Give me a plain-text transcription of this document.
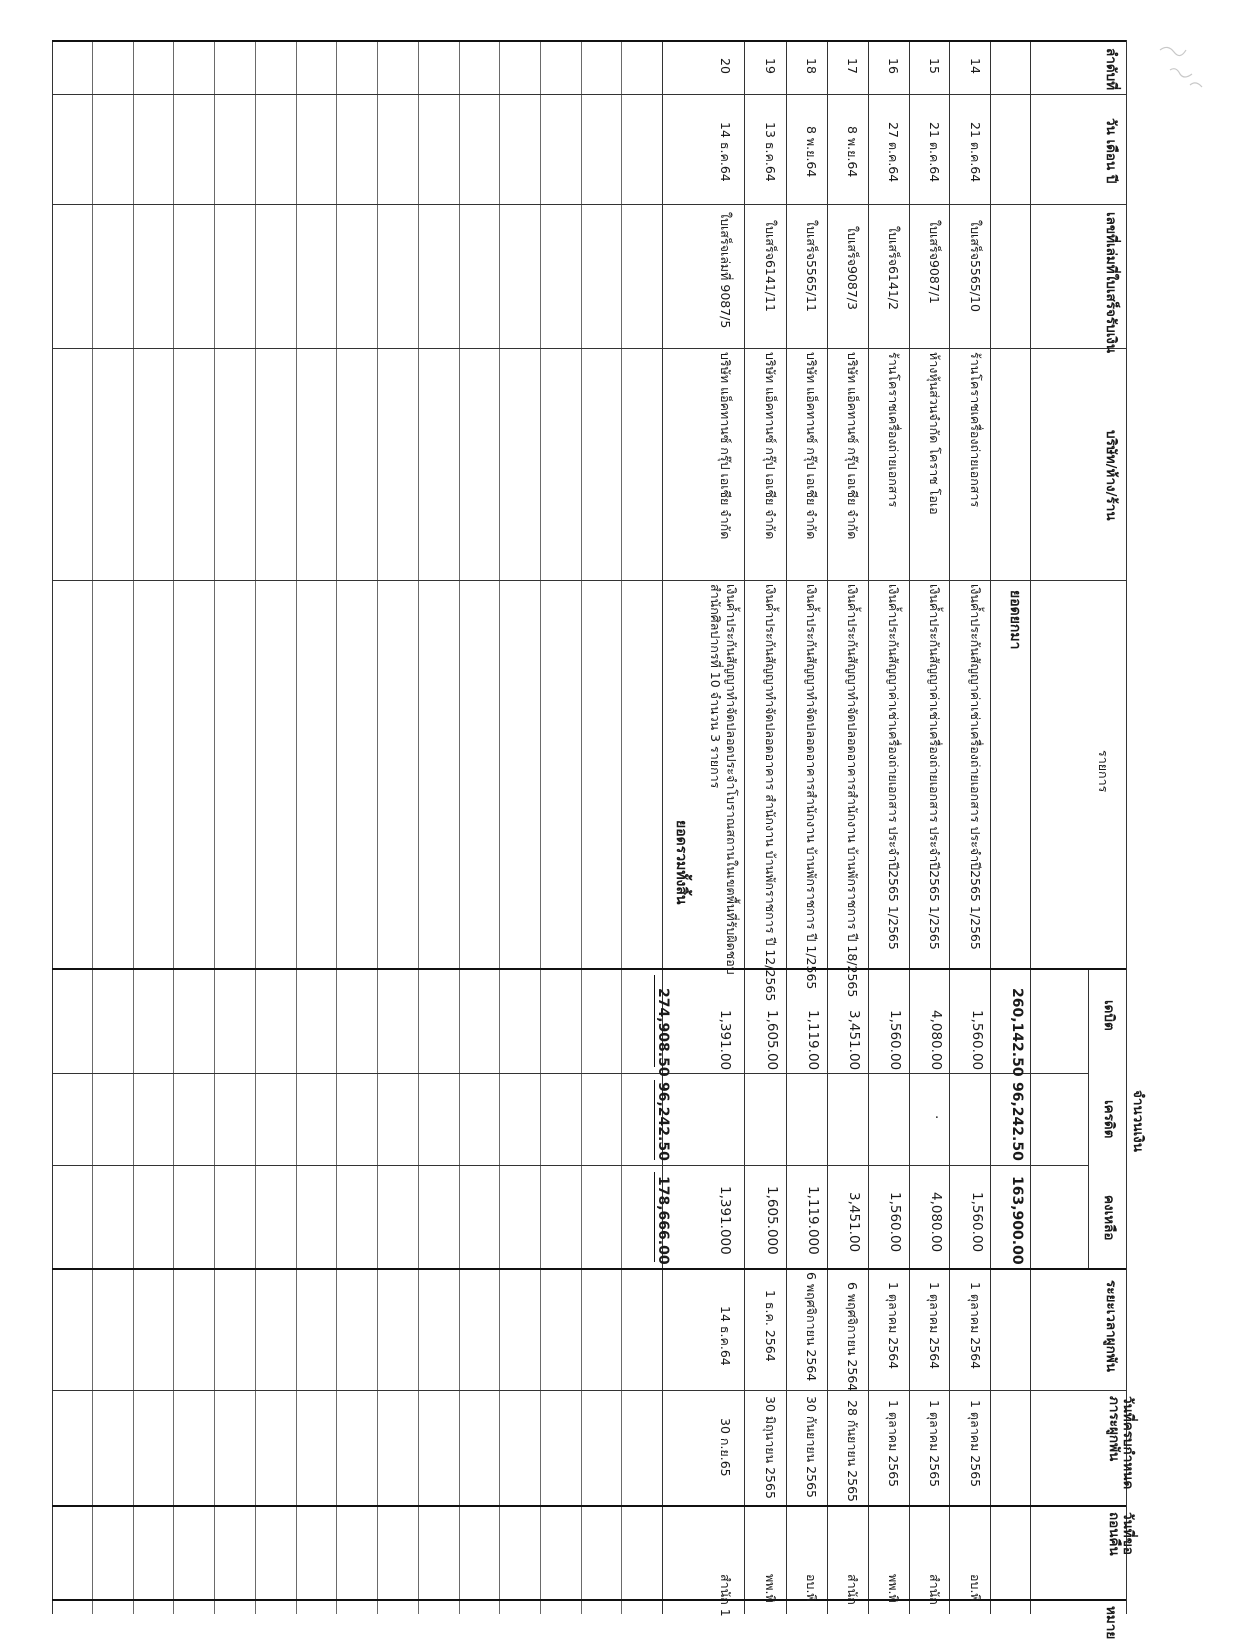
ลำดับที่
วัน เดือน ปี
เลขที่เล่มที่ใบเสร็จรับเงิน
บริษัท/ห้าง/ร้าน
รายการ
จำนวนเงิน
เดบิต
เครดิต
คงเหลือ
ระยะเวลาผูกพัน
วันที่ครบกำหนดภาระผูกพัน
วันที่ขอถอนคืน
หมาย
ยอดยกมา
260,142.50
96,242.50
163,900.00
14
21 ต.ค.64
ใบเสร็จ5565/10
ร้านโคราชเครื่องถ่ายเอกสาร
เงินค้ำประกันสัญญาค่าเช่าเครื่องถ่ายเอกสาร ประจำปี2565 1/2565
1,560.00
1,560.00
1 ตุลาคม 2564
1 ตุลาคม 2565
อบ.พิ
15
21 ต.ค.64
ใบเสร็จ9087/1
ห้างหุ้นส่วนจำกัด โคราช โอเอ
เงินค้ำประกันสัญญาค่าเช่าเครื่องถ่ายเอกสาร ประจำปี2565 1/2565
4,080.00
·
4,080.00
1 ตุลาคม 2564
1 ตุลาคม 2565
สำนัก
16
27 ต.ค.64
ใบเสร็จ6141/2
ร้านโคราชเครื่องถ่ายเอกสาร
เงินค้ำประกันสัญญาค่าเช่าเครื่องถ่ายเอกสาร ประจำปี2565 1/2565
1,560.00
1,560.00
1 ตุลาคม 2564
1 ตุลาคม 2565
พพ.พิ
17
8 พ.ย.64
ใบเสร็จ9087/3
บริษัท แอ็คทานซ์ กรุ๊ป เอเชีย จำกัด
เงินค้ำประกันสัญญาทำจัดปลอดอาคารสำนักงาน บ้านพักราชการ ปี 18/2565
3,451.00
3,451.00
6 พฤศจิกายน 2564
28 กันยายน 2565
สำนัก
18
8 พ.ย.64
ใบเสร็จ5565/11
บริษัท แอ็คทานซ์ กรุ๊ป เอเชีย จำกัด
เงินค้ำประกันสัญญาทำจัดปลอดอาคารสำนักงาน บ้านพักราชการ ปี 1/2565
1,119.00
1,119.000
6 พฤศจิกายน 2564
30 กันยายน 2565
อบ.พิ
19
13 ธ.ค.64
ใบเสร็จ6141/11
บริษัท แอ็คทานซ์ กรุ๊ป เอเชีย จำกัด
เงินค้ำประกันสัญญาทำจัดปลอดอาคาร สำนักงาน บ้านพักราชการ ปี 12/2565
1,605.00
1,605.000
1 ธ.ค. 2564
30 มิถุนายน 2565
พพ.พิ
20
14 ธ.ค.64
ใบเสร็จเล่มที่ 9087/5
บริษัท แอ็คทานซ์ กรุ๊ป เอเชีย จำกัด
เงินค้ำประกันสัญญาทำจัดปลอดประจำโบราณสถานในเขตพื้นที่รับผิดชอบ
สำนักศิลปากรที่ 10 จำนวน 3 รายการ
1,391.00
1,391.000
14 ธ.ค.64
30 ก.ย.65
สำนัก 1
ยอดรวมทั้งสิ้น
274,908.50
96,242.50
178,666.00
